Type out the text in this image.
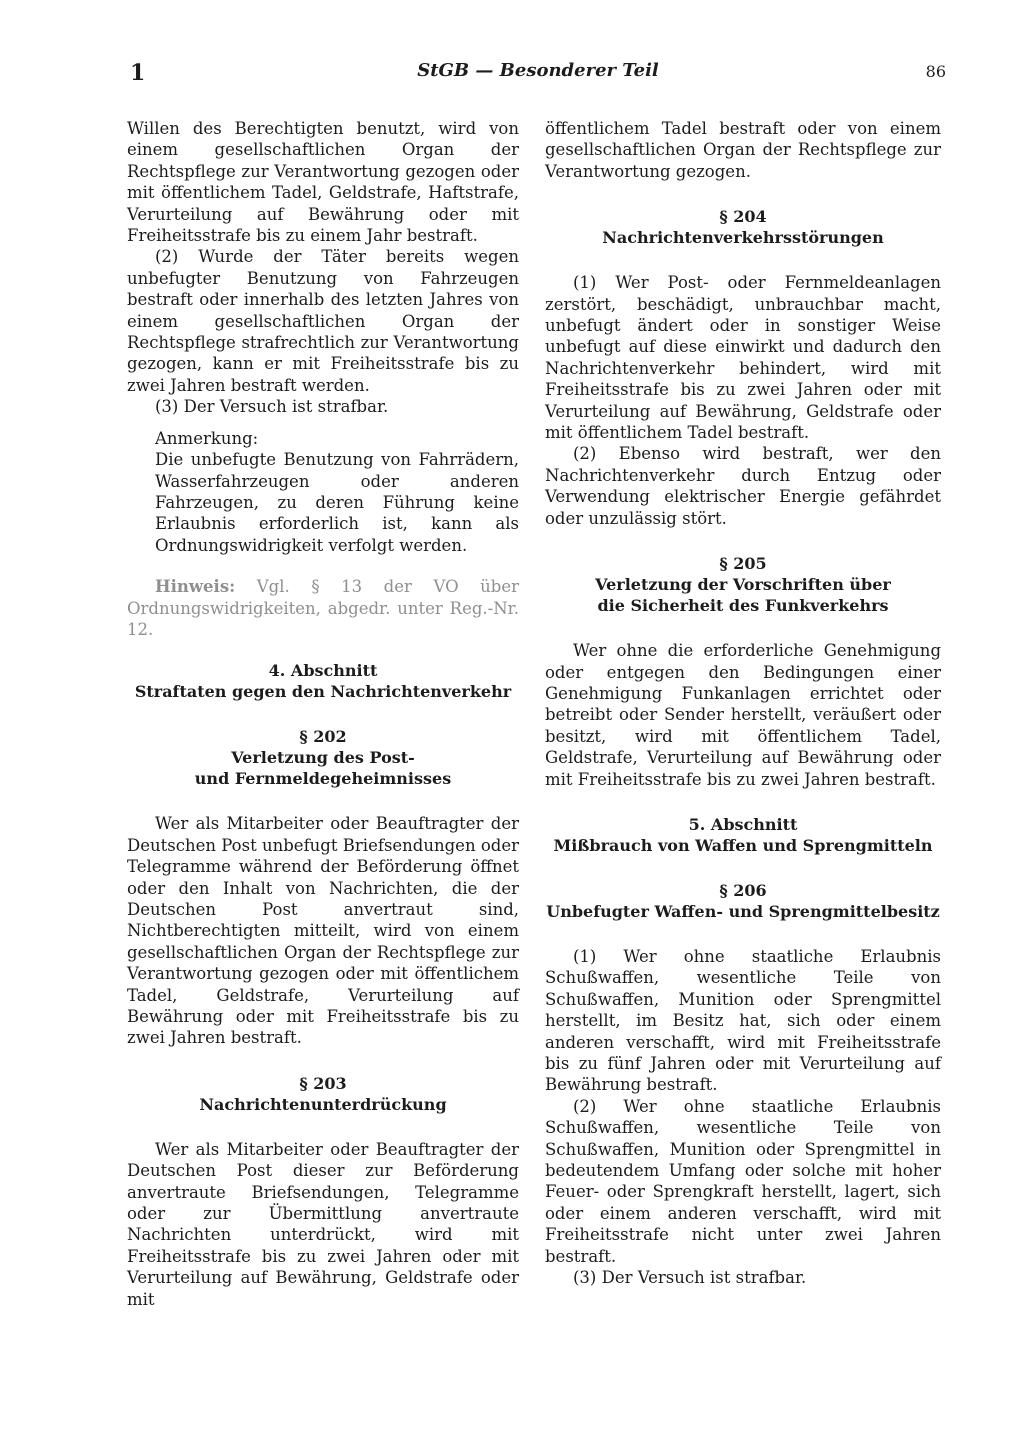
1	StGB — Besonderer Teil	86

Willen des Berechtigten benutzt, wird von einem gesellschaftlichen Organ der Rechtspflege zur Verantwortung gezogen oder mit öffentlichem Tadel, Geldstrafe, Haftstrafe, Verurteilung auf Bewährung oder mit Freiheitsstrafe bis zu einem Jahr bestraft.

(2) Wurde der Täter bereits wegen unbefugter Benutzung von Fahrzeugen bestraft oder innerhalb des letzten Jahres von einem gesellschaftlichen Organ der Rechtspflege strafrechtlich zur Verantwortung gezogen, kann er mit Freiheitsstrafe bis zu zwei Jahren bestraft werden.

(3) Der Versuch ist strafbar.

Anmerkung:

Die unbefugte Benutzung von Fahrrädern, Wasserfahrzeugen oder anderen Fahrzeugen, zu deren Führung keine Erlaubnis erforderlich ist, kann als Ordnungswidrigkeit verfolgt werden.

Hinweis: Vgl. § 13 der VO über Ordnungswidrigkeiten, abgedr. unter Reg.-Nr. 12.

4. Abschnitt
Straftaten gegen den Nachrichtenverkehr
§ 202
Verletzung des Post-
und Fernmeldegeheimnisses

Wer als Mitarbeiter oder Beauftragter der Deutschen Post unbefugt Briefsendungen oder Telegramme während der Beförderung öffnet oder den Inhalt von Nachrichten, die der Deutschen Post anvertraut sind, Nichtberechtigten mitteilt, wird von einem gesellschaftlichen Organ der Rechtspflege zur Verantwortung gezogen oder mit öffentlichem Tadel, Geldstrafe, Verurteilung auf Bewährung oder mit Freiheitsstrafe bis zu zwei Jahren bestraft.

§ 203
Nachrichtenunterdrückung

Wer als Mitarbeiter oder Beauftragter der Deutschen Post dieser zur Beförderung anvertraute Briefsendungen, Telegramme oder zur Übermittlung anvertraute Nachrichten unterdrückt, wird mit Freiheitsstrafe bis zu zwei Jahren oder mit Verurteilung auf Bewährung, Geldstrafe oder mit

öffentlichem Tadel bestraft oder von einem gesellschaftlichen Organ der Rechtspflege zur Verantwortung gezogen.

§ 204
Nachrichtenverkehrsstörungen

(1) Wer Post- oder Fernmeldeanlagen zerstört, beschädigt, unbrauchbar macht, unbefugt ändert oder in sonstiger Weise unbefugt auf diese einwirkt und dadurch den Nachrichtenverkehr behindert, wird mit Freiheitsstrafe bis zu zwei Jahren oder mit Verurteilung auf Bewährung, Geldstrafe oder mit öffentlichem Tadel bestraft.

(2) Ebenso wird bestraft, wer den Nachrichtenverkehr durch Entzug oder Verwendung elektrischer Energie gefährdet oder unzulässig stört.

§ 205
Verletzung der Vorschriften über
die Sicherheit des Funkverkehrs

Wer ohne die erforderliche Genehmigung oder entgegen den Bedingungen einer Genehmigung Funkanlagen errichtet oder betreibt oder Sender herstellt, veräußert oder besitzt, wird mit öffentlichem Tadel, Geldstrafe, Verurteilung auf Bewährung oder mit Freiheitsstrafe bis zu zwei Jahren bestraft.

5. Abschnitt
Mißbrauch von Waffen und Sprengmitteln
§ 206
Unbefugter Waffen- und Sprengmittelbesitz

(1) Wer ohne staatliche Erlaubnis Schußwaffen, wesentliche Teile von Schußwaffen, Munition oder Sprengmittel herstellt, im Besitz hat, sich oder einem anderen verschafft, wird mit Freiheitsstrafe bis zu fünf Jahren oder mit Verurteilung auf Bewährung bestraft.

(2) Wer ohne staatliche Erlaubnis Schußwaffen, wesentliche Teile von Schußwaffen, Munition oder Sprengmittel in bedeutendem Umfang oder solche mit hoher Feuer- oder Sprengkraft herstellt, lagert, sich oder einem anderen verschafft, wird mit Freiheitsstrafe nicht unter zwei Jahren bestraft.

(3) Der Versuch ist strafbar.
